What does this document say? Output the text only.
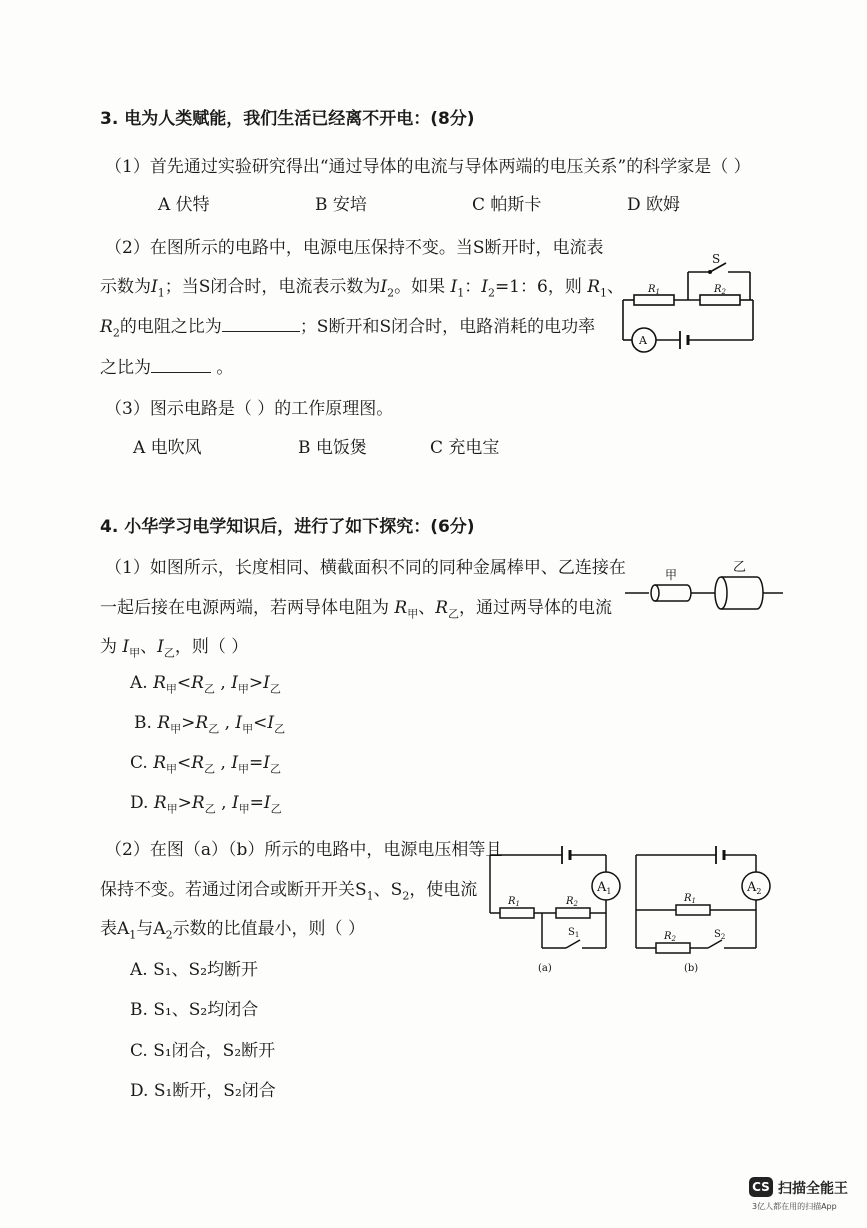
3. 电为人类赋能，我们生活已经离不开电：(8分)
（1）首先通过实验研究得出“通过导体的电流与导体两端的电压关系”的科学家是（ ）
A 伏特	B 安培	C 帕斯卡	D 欧姆
（2）在图所示的电路中，电源电压保持不变。当S断开时，电流表
示数为$I_1$；当S闭合时，电流表示数为$I_2$。如果 $I_1$：$I_2=1$：6，则 $R_1$、
$R_2$的电阻之比为	；S断开和S闭合时，电路消耗的电功率
之比为	。
S
$R_1$	$R_2$
A
（3）图示电路是（ ）的工作原理图。
A 电吹风	B 电饭煲	C 充电宝
4. 小华学习电学知识后，进行了如下探究：(6分)
（1）如图所示，长度相同、横截面积不同的同种金属棒甲、乙连接在
一起后接在电源两端，若两导体电阻为 $R_甲$、$R_乙$，通过两导体的电流
为 $I_甲$、$I_乙$，则（ ）
甲	乙
A. $R_甲<R_乙$ , $I_甲>I_乙$
B. $R_甲>R_乙$ , $I_甲<I_乙$
C. $R_甲<R_乙$ , $I_甲=I_乙$
D. $R_甲>R_乙$ , $I_甲=I_乙$
（2）在图（a）（b）所示的电路中，电源电压相等且
保持不变。若通过闭合或断开开关$S_1$、$S_2$，使电流
表$A_1$与$A_2$示数的比值最小，则（ ）
$A_1$
$R_1$	$R_2$
$S_1$
(a)
$A_2$
$R_1$
$R_2$	$S_2$
(b)
A. S₁、S₂均断开
B. S₁、S₂均闭合
C. S₁闭合，S₂断开
D. S₁断开，S₂闭合
CS 扫描全能王
3亿人都在用的扫描App
